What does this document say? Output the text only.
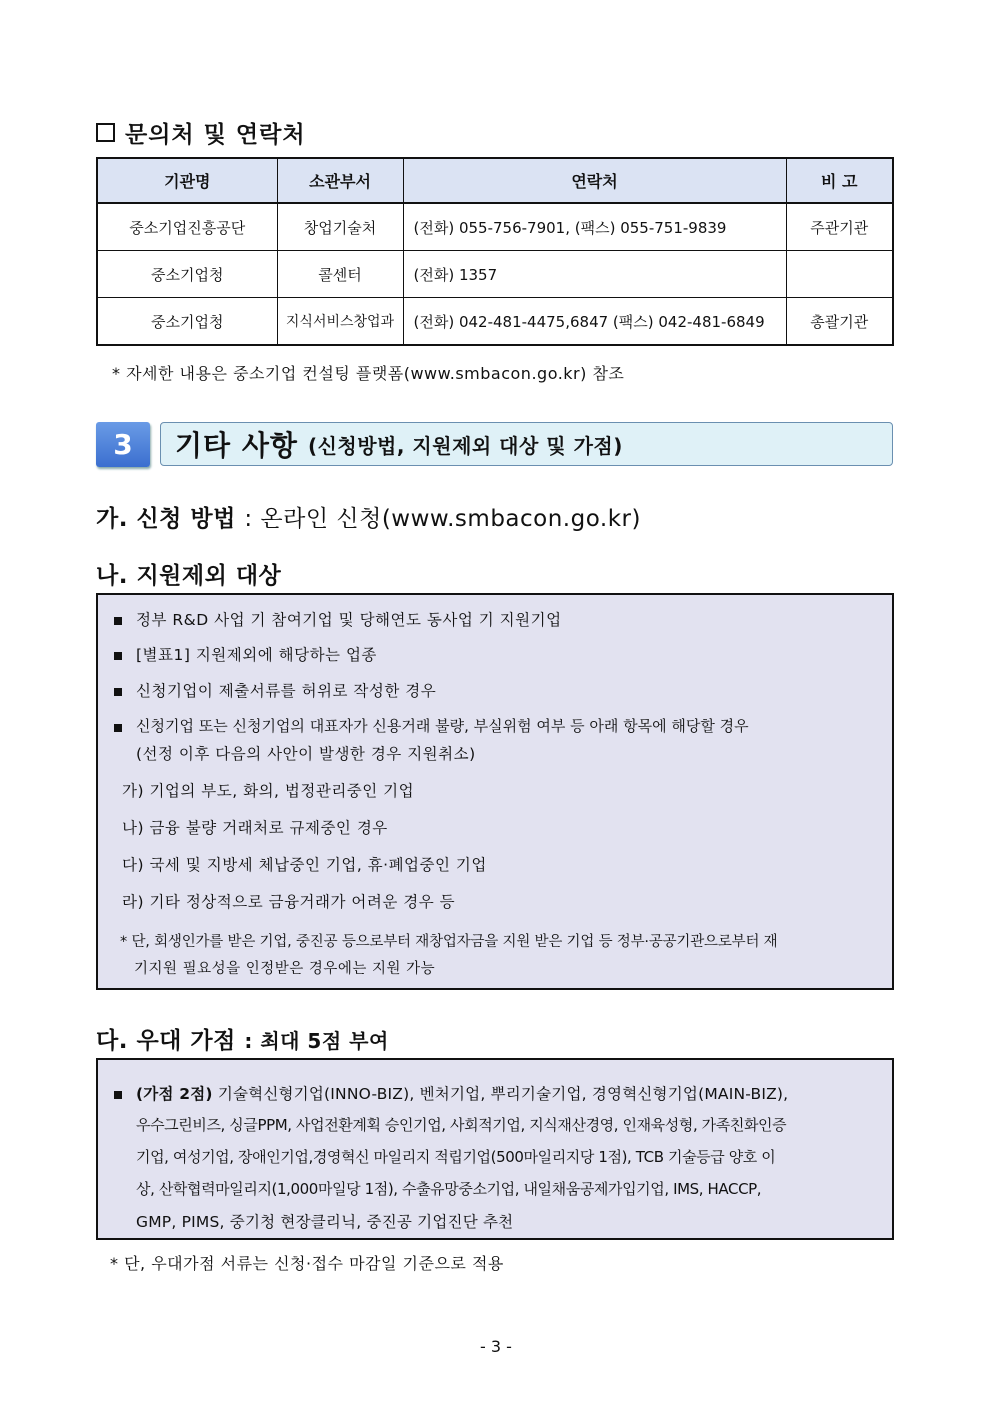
문의처 및 연락처
기관명	소관부서	연락처	비 고
중소기업진흥공단	창업기술처	(전화) 055-756-7901, (팩스) 055-751-9839	주관기관
중소기업청	콜센터	(전화) 1357	
중소기업청	지식서비스창업과	(전화) 042-481-4475,6847 (팩스) 042-481-6849	총괄기관
* 자세한 내용은 중소기업 컨설팅 플랫폼(www.smbacon.go.kr) 참조
3	기타 사항 (신청방법, 지원제외 대상 및 가점)
가. 신청 방법 : 온라인 신청(www.smbacon.go.kr)
나. 지원제외 대상
정부 R&D 사업 기 참여기업 및 당해연도 동사업 기 지원기업
[별표1] 지원제외에 해당하는 업종
신청기업이 제출서류를 허위로 작성한 경우
신청기업 또는 신청기업의 대표자가 신용거래 불량, 부실위험 여부 등 아래 항목에 해당할 경우
(선정 이후 다음의 사안이 발생한 경우 지원취소)
가) 기업의 부도, 화의, 법정관리중인 기업
나) 금융 불량 거래처로 규제중인 경우
다) 국세 및 지방세 체납중인 기업, 휴·폐업중인 기업
라) 기타 정상적으로 금융거래가 어려운 경우 등
* 단, 회생인가를 받은 기업, 중진공 등으로부터 재창업자금을 지원 받은 기업 등 정부·공공기관으로부터 재
기지원 필요성을 인정받은 경우에는 지원 가능
다. 우대 가점 : 최대 5점 부여
(가점 2점) 기술혁신형기업(INNO-BIZ), 벤처기업, 뿌리기술기업, 경영혁신형기업(MAIN-BIZ),
우수그린비즈, 싱글PPM, 사업전환계획 승인기업, 사회적기업, 지식재산경영, 인재육성형, 가족친화인증
기업, 여성기업, 장애인기업,경영혁신 마일리지 적립기업(500마일리지당 1점), TCB 기술등급 양호 이
상, 산학협력마일리지(1,000마일당 1점), 수출유망중소기업, 내일채움공제가입기업, IMS, HACCP,
GMP, PIMS, 중기청 현장클리닉, 중진공 기업진단 추천
* 단, 우대가점 서류는 신청·접수 마감일 기준으로 적용
- 3 -
